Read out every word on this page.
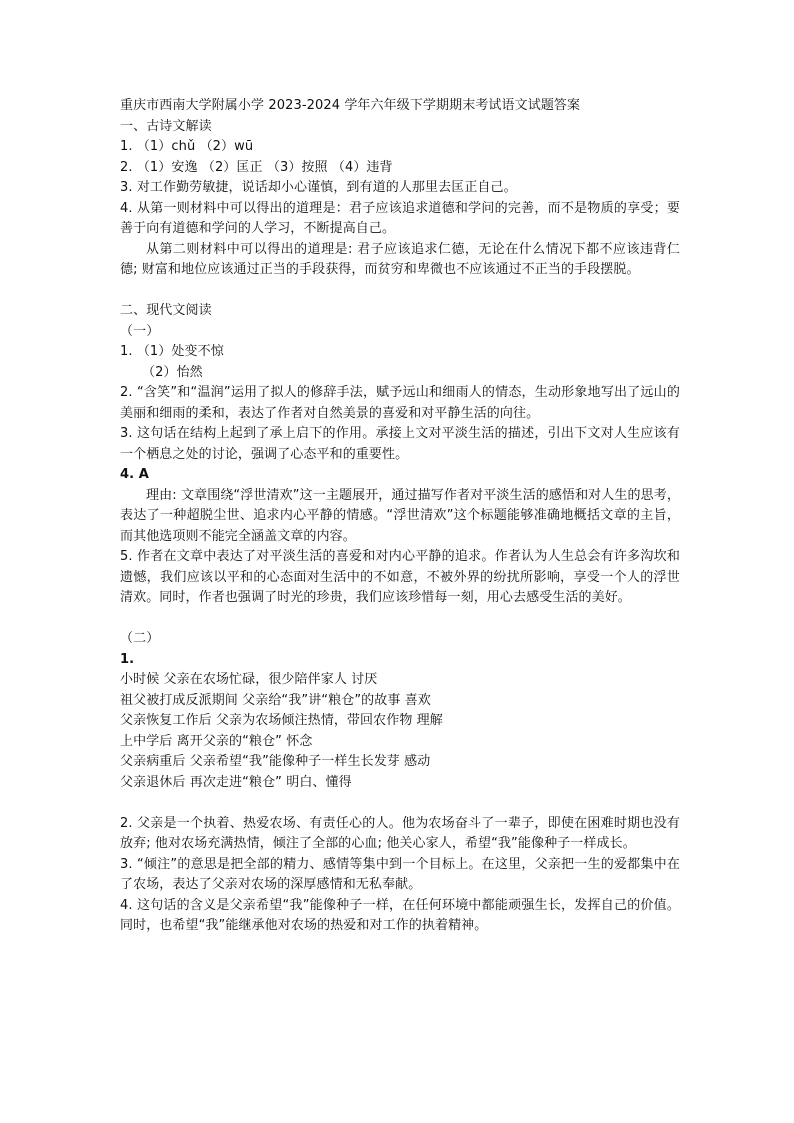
重庆市西南大学附属小学 2023-2024 学年六年级下学期期末考试语文试题答案
一、古诗文解读
1. （1）chǔ （2）wū
2. （1）安逸 （2）匡正 （3）按照 （4）违背
3. 对工作勤劳敏捷，说话却小心谨慎，到有道的人那里去匡正自己。
4. 从第一则材料中可以得出的道理是：君子应该追求道德和学问的完善，而不是物质的享受；要善于向有道德和学问的人学习，不断提高自己。
从第二则材料中可以得出的道理是: 君子应该追求仁德，无论在什么情况下都不应该违背仁德; 财富和地位应该通过正当的手段获得，而贫穷和卑微也不应该通过不正当的手段摆脱。
二、现代文阅读
（一）
1. （1）处变不惊
（2）怡然
2. “含笑”和“温润”运用了拟人的修辞手法，赋予远山和细雨人的情态，生动形象地写出了远山的美丽和细雨的柔和，表达了作者对自然美景的喜爱和对平静生活的向往。
3. 这句话在结构上起到了承上启下的作用。承接上文对平淡生活的描述，引出下文对人生应该有一个栖息之处的讨论，强调了心态平和的重要性。
4. A
理由: 文章围绕“浮世清欢”这一主题展开，通过描写作者对平淡生活的感悟和对人生的思考，表达了一种超脱尘世、追求内心平静的情感。“浮世清欢”这个标题能够准确地概括文章的主旨，而其他选项则不能完全涵盖文章的内容。
5. 作者在文章中表达了对平淡生活的喜爱和对内心平静的追求。作者认为人生总会有许多沟坎和遗憾，我们应该以平和的心态面对生活中的不如意，不被外界的纷扰所影响，享受一个人的浮世清欢。同时，作者也强调了时光的珍贵，我们应该珍惜每一刻，用心去感受生活的美好。
（二）
1.
小时候 父亲在农场忙碌，很少陪伴家人 讨厌
祖父被打成反派期间 父亲给“我”讲“粮仓”的故事 喜欢
父亲恢复工作后 父亲为农场倾注热情，带回农作物 理解
上中学后 离开父亲的“粮仓” 怀念
父亲病重后 父亲希望“我”能像种子一样生长发芽 感动
父亲退休后 再次走进“粮仓” 明白、懂得
2. 父亲是一个执着、热爱农场、有责任心的人。他为农场奋斗了一辈子，即使在困难时期也没有放弃; 他对农场充满热情，倾注了全部的心血; 他关心家人，希望“我”能像种子一样成长。
3. “倾注”的意思是把全部的精力、感情等集中到一个目标上。在这里，父亲把一生的爱都集中在了农场，表达了父亲对农场的深厚感情和无私奉献。
4. 这句话的含义是父亲希望“我”能像种子一样，在任何环境中都能顽强生长，发挥自己的价值。同时，也希望“我”能继承他对农场的热爱和对工作的执着精神。
